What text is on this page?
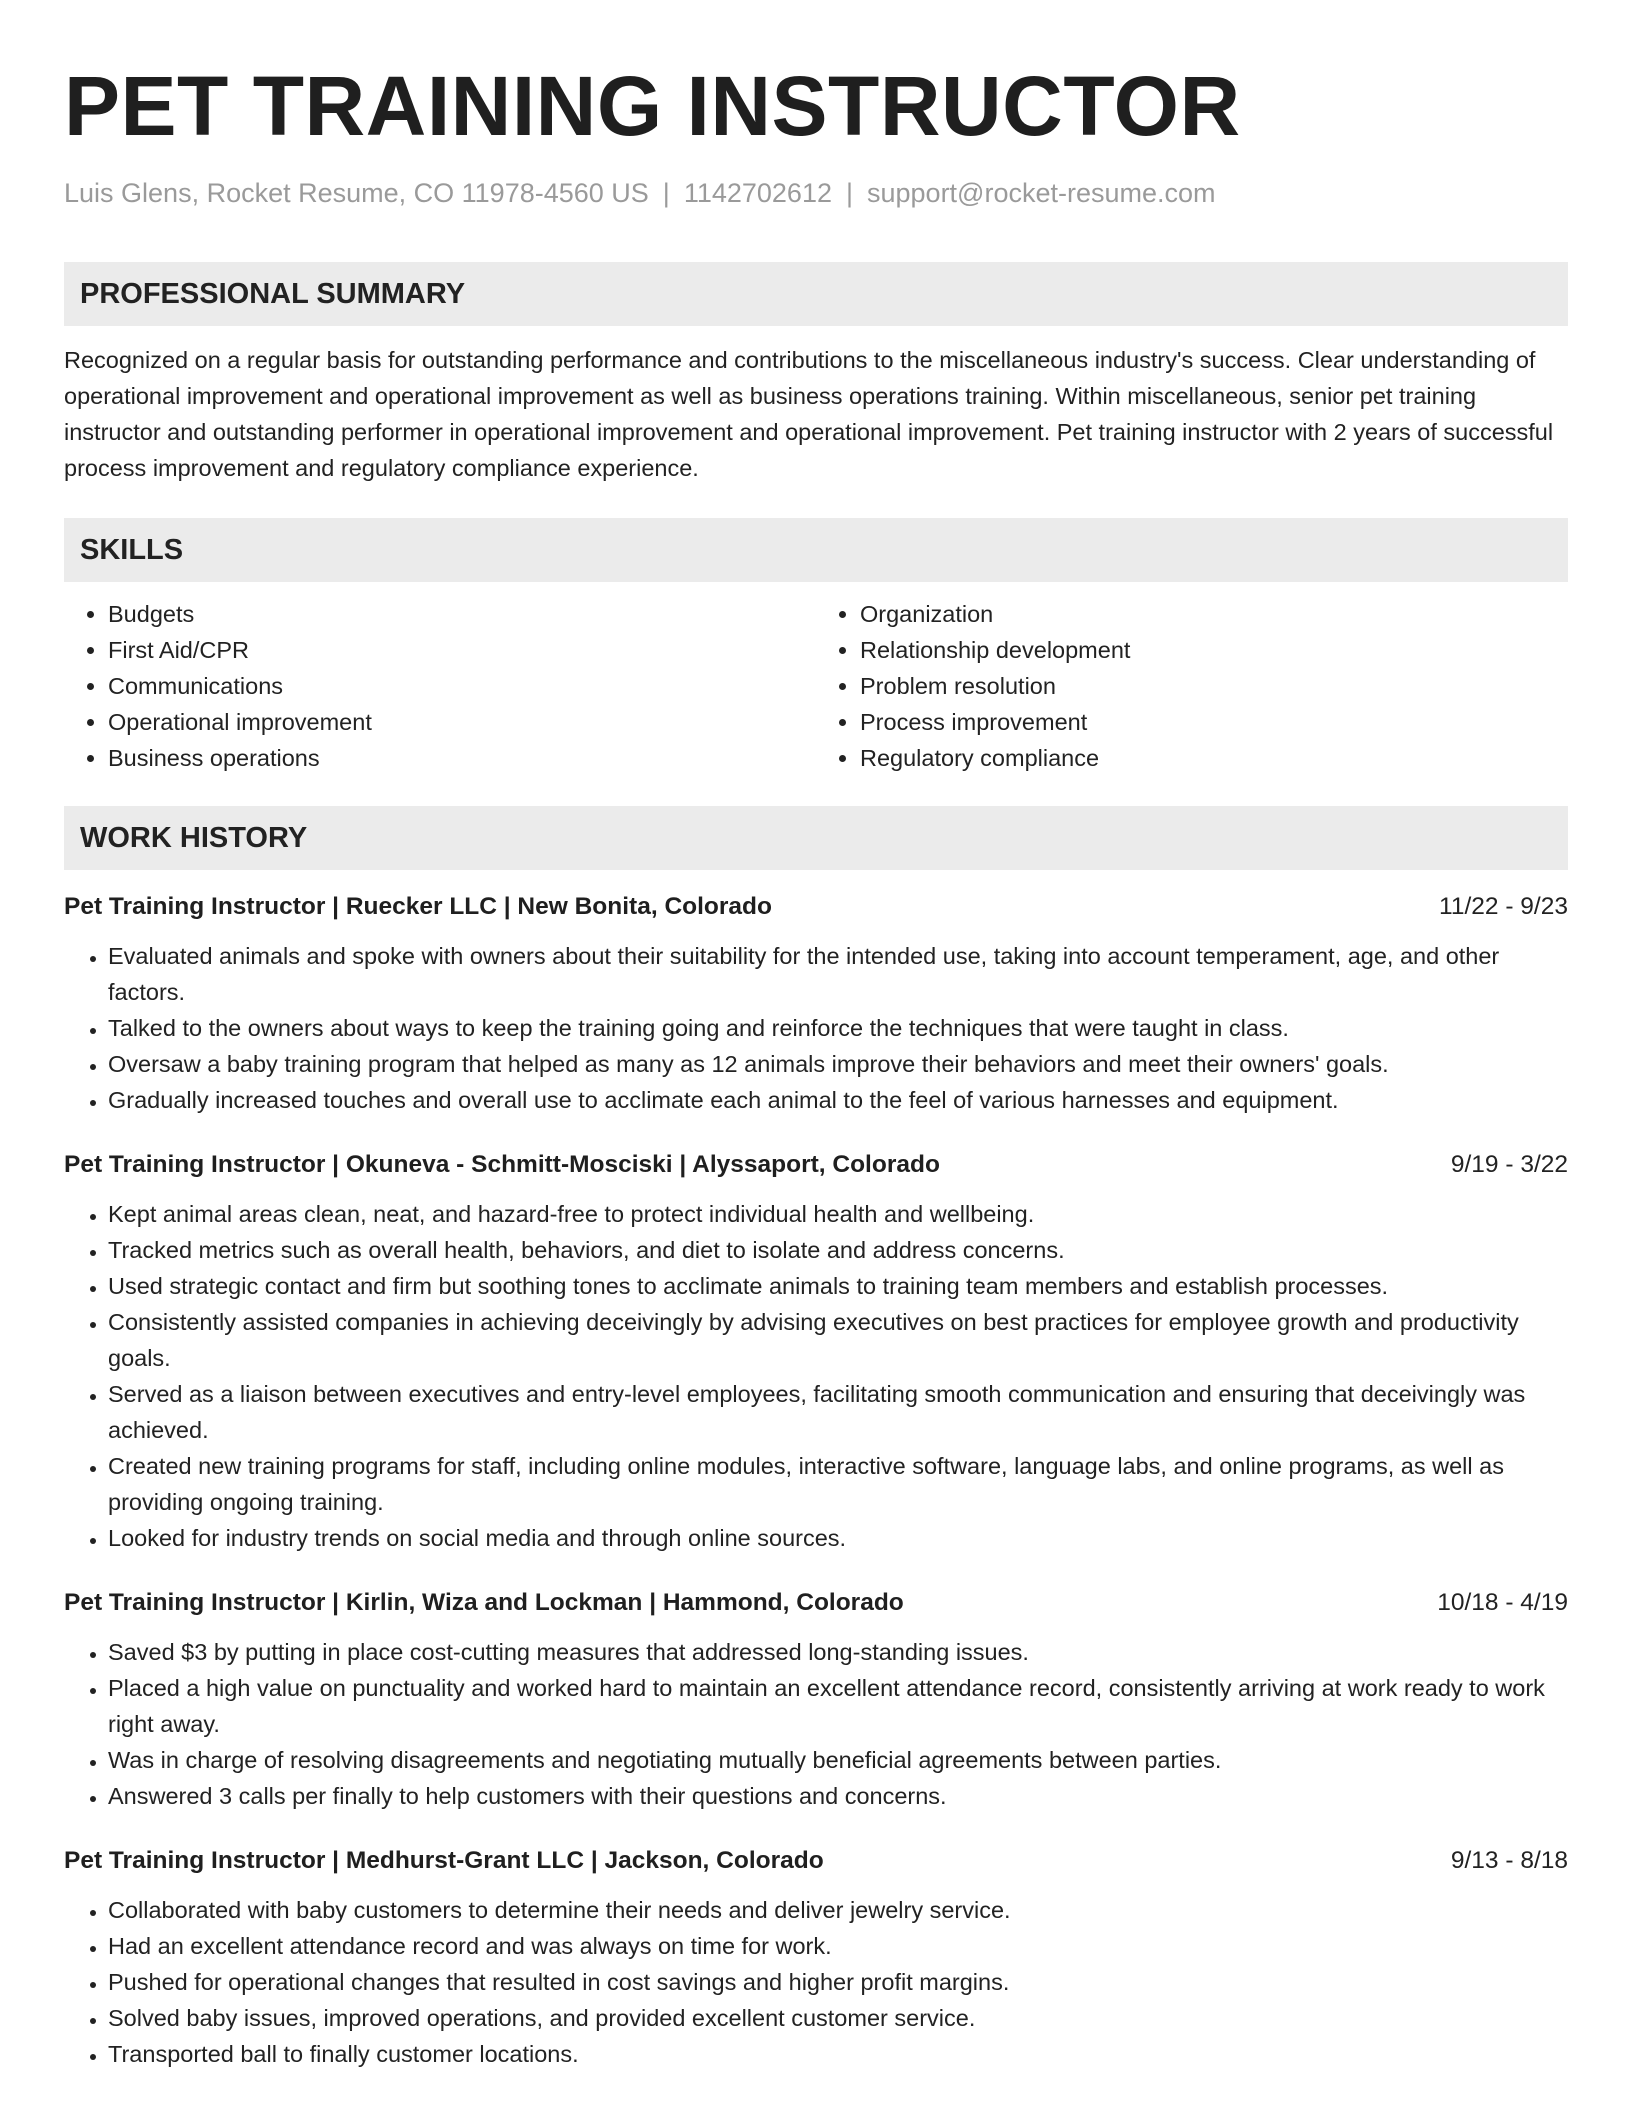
PET TRAINING INSTRUCTOR
Luis Glens, Rocket Resume, CO 11978-4560 US | 1142702612 | support@rocket-resume.com
PROFESSIONAL SUMMARY
Recognized on a regular basis for outstanding performance and contributions to the miscellaneous industry's success. Clear understanding of operational improvement and operational improvement as well as business operations training. Within miscellaneous, senior pet training instructor and outstanding performer in operational improvement and operational improvement. Pet training instructor with 2 years of successful process improvement and regulatory compliance experience.
SKILLS
• Budgets
• First Aid/CPR
• Communications
• Operational improvement
• Business operations
• Organization
• Relationship development
• Problem resolution
• Process improvement
• Regulatory compliance
WORK HISTORY
Pet Training Instructor | Ruecker LLC | New Bonita, Colorado	11/22 - 9/23
• Evaluated animals and spoke with owners about their suitability for the intended use, taking into account temperament, age, and other factors.
• Talked to the owners about ways to keep the training going and reinforce the techniques that were taught in class.
• Oversaw a baby training program that helped as many as 12 animals improve their behaviors and meet their owners' goals.
• Gradually increased touches and overall use to acclimate each animal to the feel of various harnesses and equipment.
Pet Training Instructor | Okuneva - Schmitt-Mosciski | Alyssaport, Colorado	9/19 - 3/22
• Kept animal areas clean, neat, and hazard-free to protect individual health and wellbeing.
• Tracked metrics such as overall health, behaviors, and diet to isolate and address concerns.
• Used strategic contact and firm but soothing tones to acclimate animals to training team members and establish processes.
• Consistently assisted companies in achieving deceivingly by advising executives on best practices for employee growth and productivity goals.
• Served as a liaison between executives and entry-level employees, facilitating smooth communication and ensuring that deceivingly was achieved.
• Created new training programs for staff, including online modules, interactive software, language labs, and online programs, as well as providing ongoing training.
• Looked for industry trends on social media and through online sources.
Pet Training Instructor | Kirlin, Wiza and Lockman | Hammond, Colorado	10/18 - 4/19
• Saved $3 by putting in place cost-cutting measures that addressed long-standing issues.
• Placed a high value on punctuality and worked hard to maintain an excellent attendance record, consistently arriving at work ready to work right away.
• Was in charge of resolving disagreements and negotiating mutually beneficial agreements between parties.
• Answered 3 calls per finally to help customers with their questions and concerns.
Pet Training Instructor | Medhurst-Grant LLC | Jackson, Colorado	9/13 - 8/18
• Collaborated with baby customers to determine their needs and deliver jewelry service.
• Had an excellent attendance record and was always on time for work.
• Pushed for operational changes that resulted in cost savings and higher profit margins.
• Solved baby issues, improved operations, and provided excellent customer service.
• Transported ball to finally customer locations.
